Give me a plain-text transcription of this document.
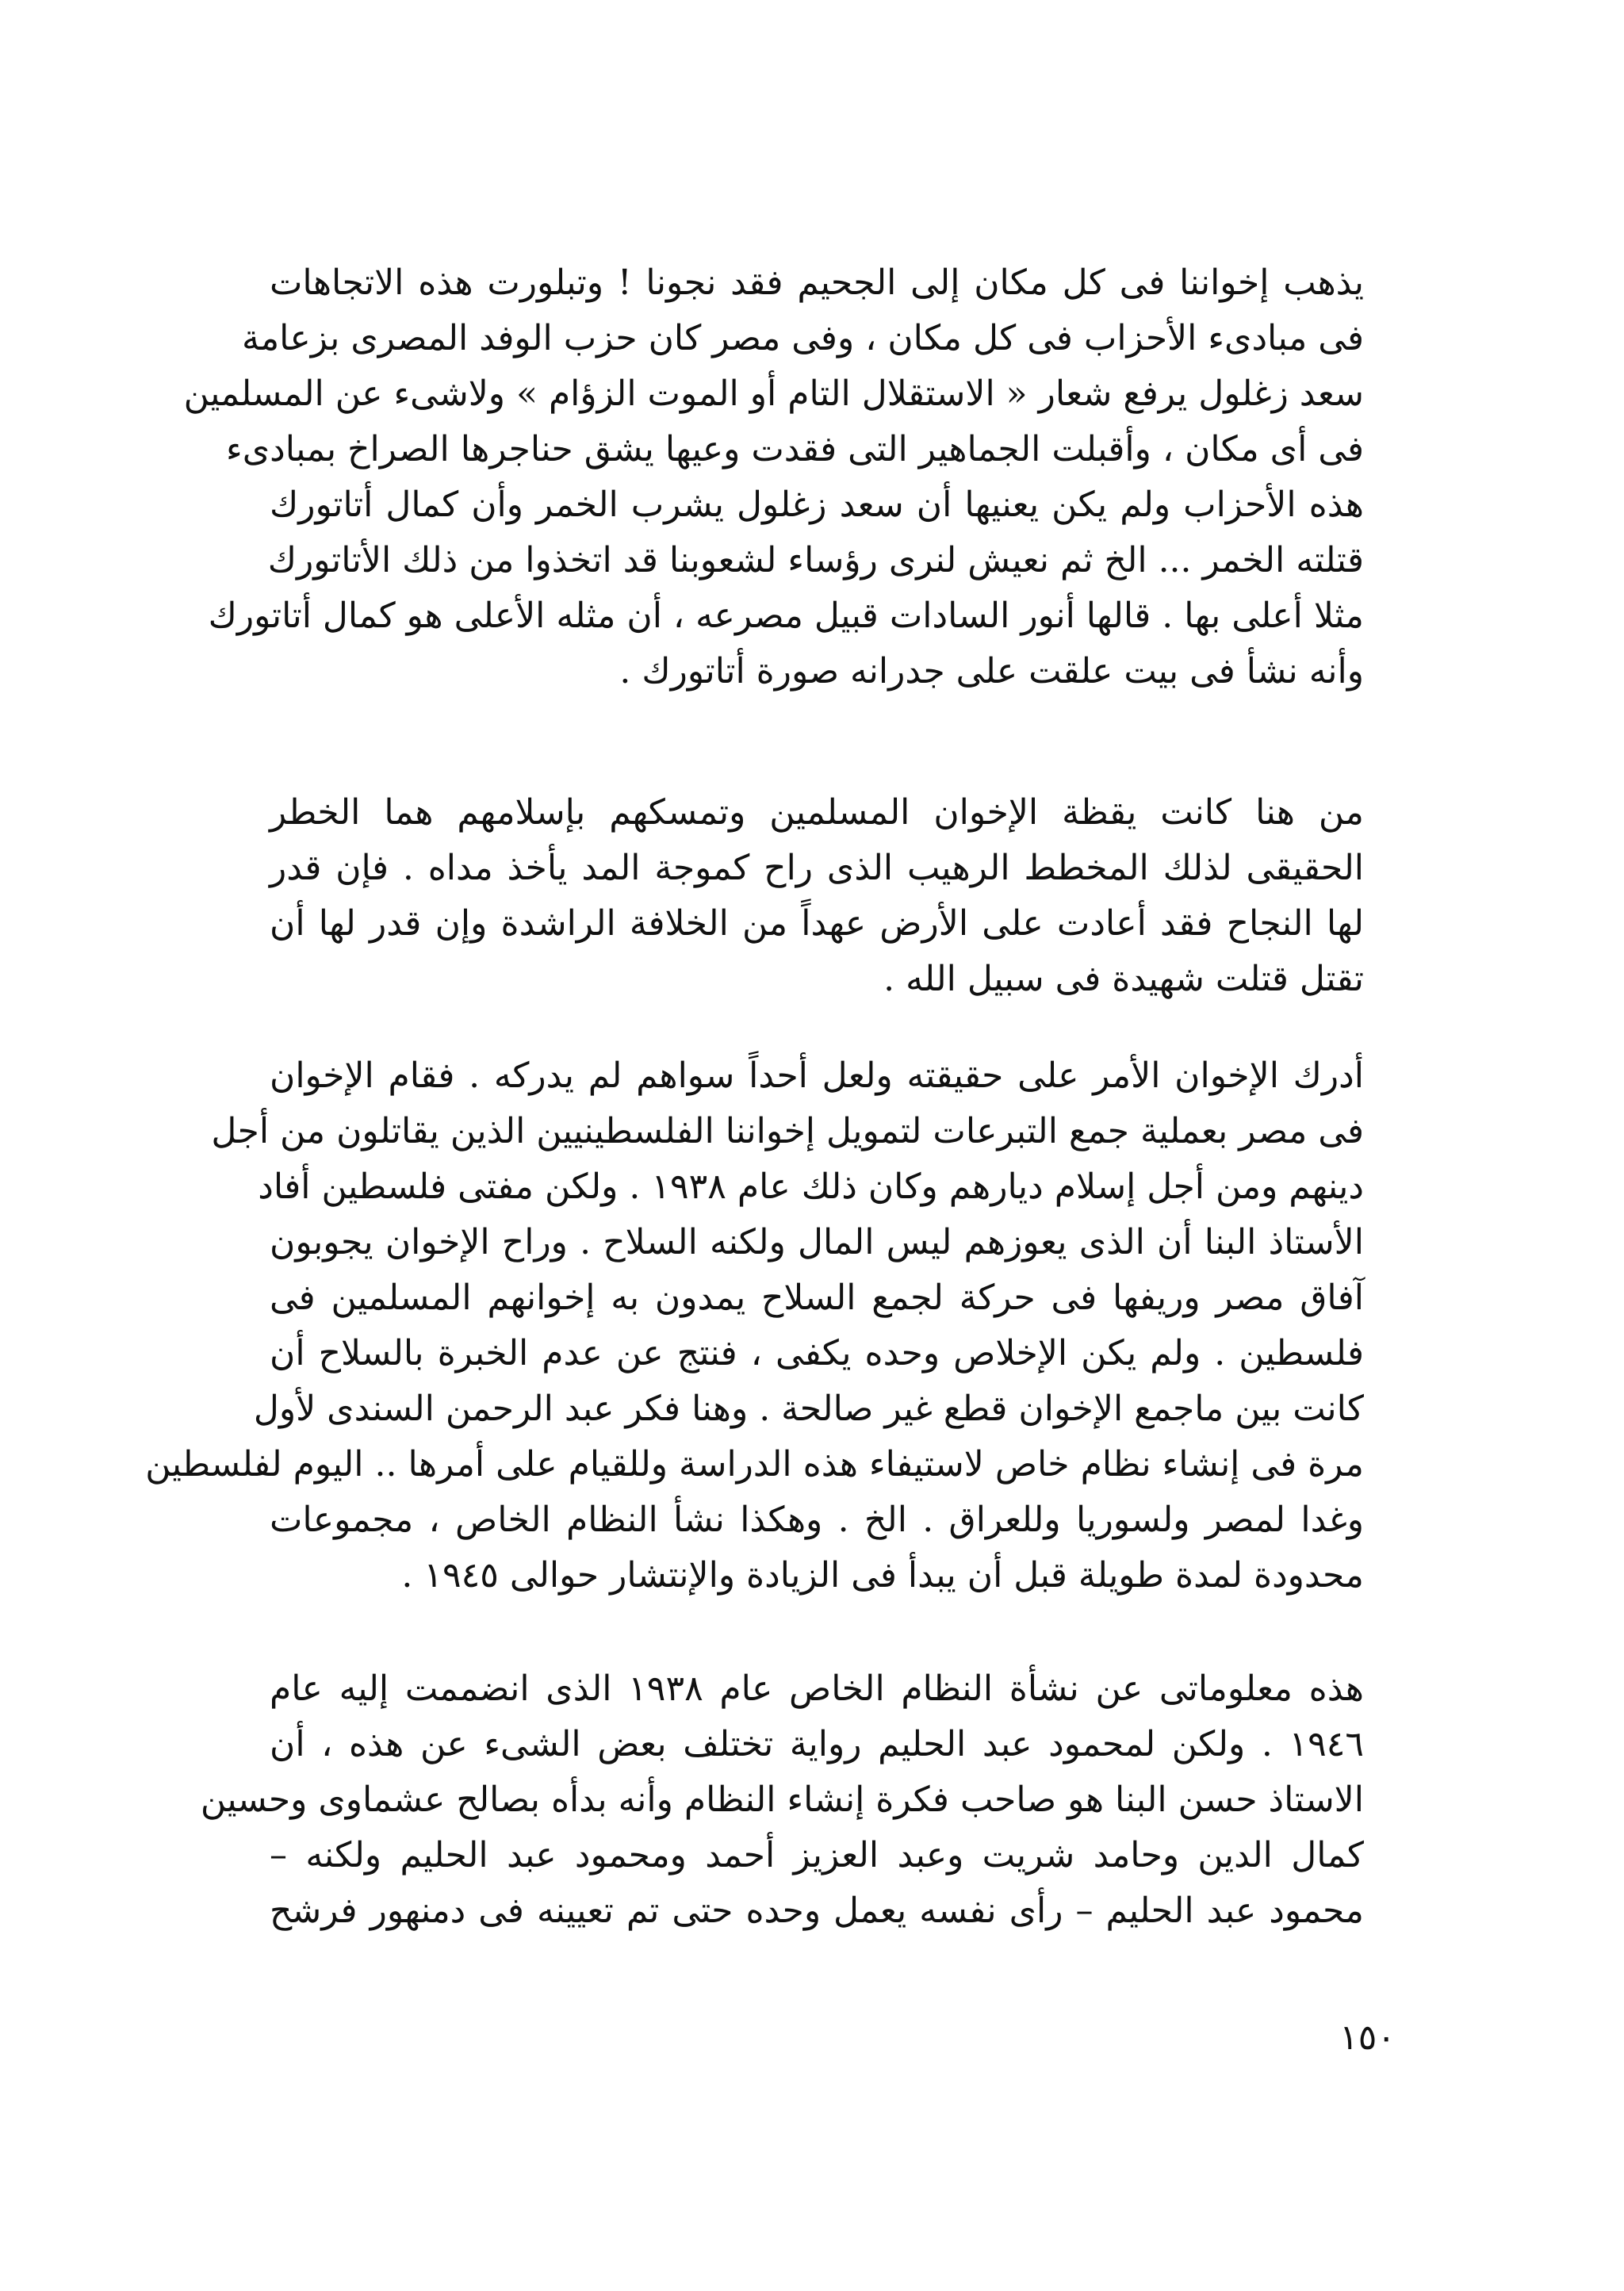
يذهب إخواننا فى كل مكان إلى الجحيم فقد نجونا ! وتبلورت هذه الاتجاهات
فى مبادىء الأحزاب فى كل مكان ، وفى مصر كان حزب الوفد المصرى بزعامة
سعد زغلول يرفع شعار « الاستقلال التام أو الموت الزؤام » ولاشىء عن المسلمين
فى أى مكان ، وأقبلت الجماهير التى فقدت وعيها يشق حناجرها الصراخ بمبادىء
هذه الأحزاب ولم يكن يعنيها أن سعد زغلول يشرب الخمر وأن كمال أتاتورك
قتلته الخمر ... الخ ثم نعيش لنرى رؤساء لشعوبنا قد اتخذوا من ذلك الأتاتورك
مثلا أعلى بها . قالها أنور السادات قبيل مصرعه ، أن مثله الأعلى هو كمال أتاتورك
وأنه نشأ فى بيت علقت على جدرانه صورة أتاتورك .
من هنا كانت يقظة الإخوان المسلمين وتمسكهم بإسلامهم هما الخطر
الحقيقى لذلك المخطط الرهيب الذى راح كموجة المد يأخذ مداه . فإن قدر
لها النجاح فقد أعادت على الأرض عهداً من الخلافة الراشدة وإن قدر لها أن
تقتل قتلت شهيدة فى سبيل الله .
أدرك الإخوان الأمر على حقيقته ولعل أحداً سواهم لم يدركه . فقام الإخوان
فى مصر بعملية جمع التبرعات لتمويل إخواننا الفلسطينيين الذين يقاتلون من أجل
دينهم ومن أجل إسلام ديارهم وكان ذلك عام ١٩٣٨ . ولكن مفتى فلسطين أفاد
الأستاذ البنا أن الذى يعوزهم ليس المال ولكنه السلاح . وراح الإخوان يجوبون
آفاق مصر وريفها فى حركة لجمع السلاح يمدون به إخوانهم المسلمين فى
فلسطين . ولم يكن الإخلاص وحده يكفى ، فنتج عن عدم الخبرة بالسلاح أن
كانت بين ماجمع الإخوان قطع غير صالحة . وهنا فكر عبد الرحمن السندى لأول
مرة فى إنشاء نظام خاص لاستيفاء هذه الدراسة وللقيام على أمرها .. اليوم لفلسطين
وغدا لمصر ولسوريا وللعراق . الخ . وهكذا نشأ النظام الخاص ، مجموعات
محدودة لمدة طويلة قبل أن يبدأ فى الزيادة والإنتشار حوالى ١٩٤٥ .
هذه معلوماتى عن نشأة النظام الخاص عام ١٩٣٨ الذى انضممت إليه عام
١٩٤٦ . ولكن لمحمود عبد الحليم رواية تختلف بعض الشىء عن هذه ، أن
الاستاذ حسن البنا هو صاحب فكرة إنشاء النظام وأنه بدأه بصالح عشماوى وحسين
كمال الدين وحامد شريت وعبد العزيز أحمد ومحمود عبد الحليم ولكنه –
محمود عبد الحليم – رأى نفسه يعمل وحده حتى تم تعيينه فى دمنهور فرشح
١٥٠
